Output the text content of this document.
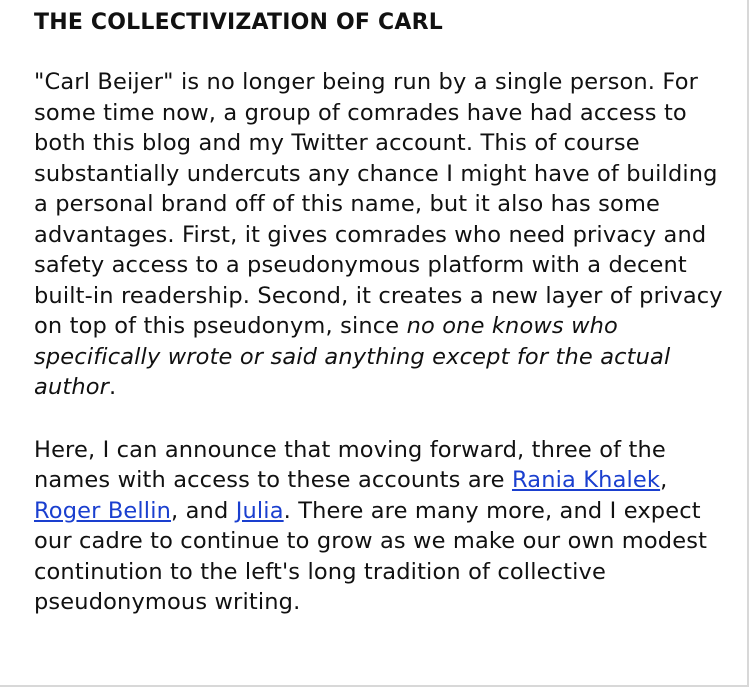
THE COLLECTIVIZATION OF CARL

"Carl Beijer" is no longer being run by a single person. For some time now, a group of comrades have had access to both this blog and my Twitter account. This of course substantially undercuts any chance I might have of building a personal brand off of this name, but it also has some advantages. First, it gives comrades who need privacy and safety access to a pseudonymous platform with a decent built-in readership. Second, it creates a new layer of privacy on top of this pseudonym, since no one knows who specifically wrote or said anything except for the actual author.

Here, I can announce that moving forward, three of the names with access to these accounts are Rania Khalek, Roger Bellin, and Julia. There are many more, and I expect our cadre to continue to grow as we make our own modest continution to the left's long tradition of collective pseudonymous writing.
